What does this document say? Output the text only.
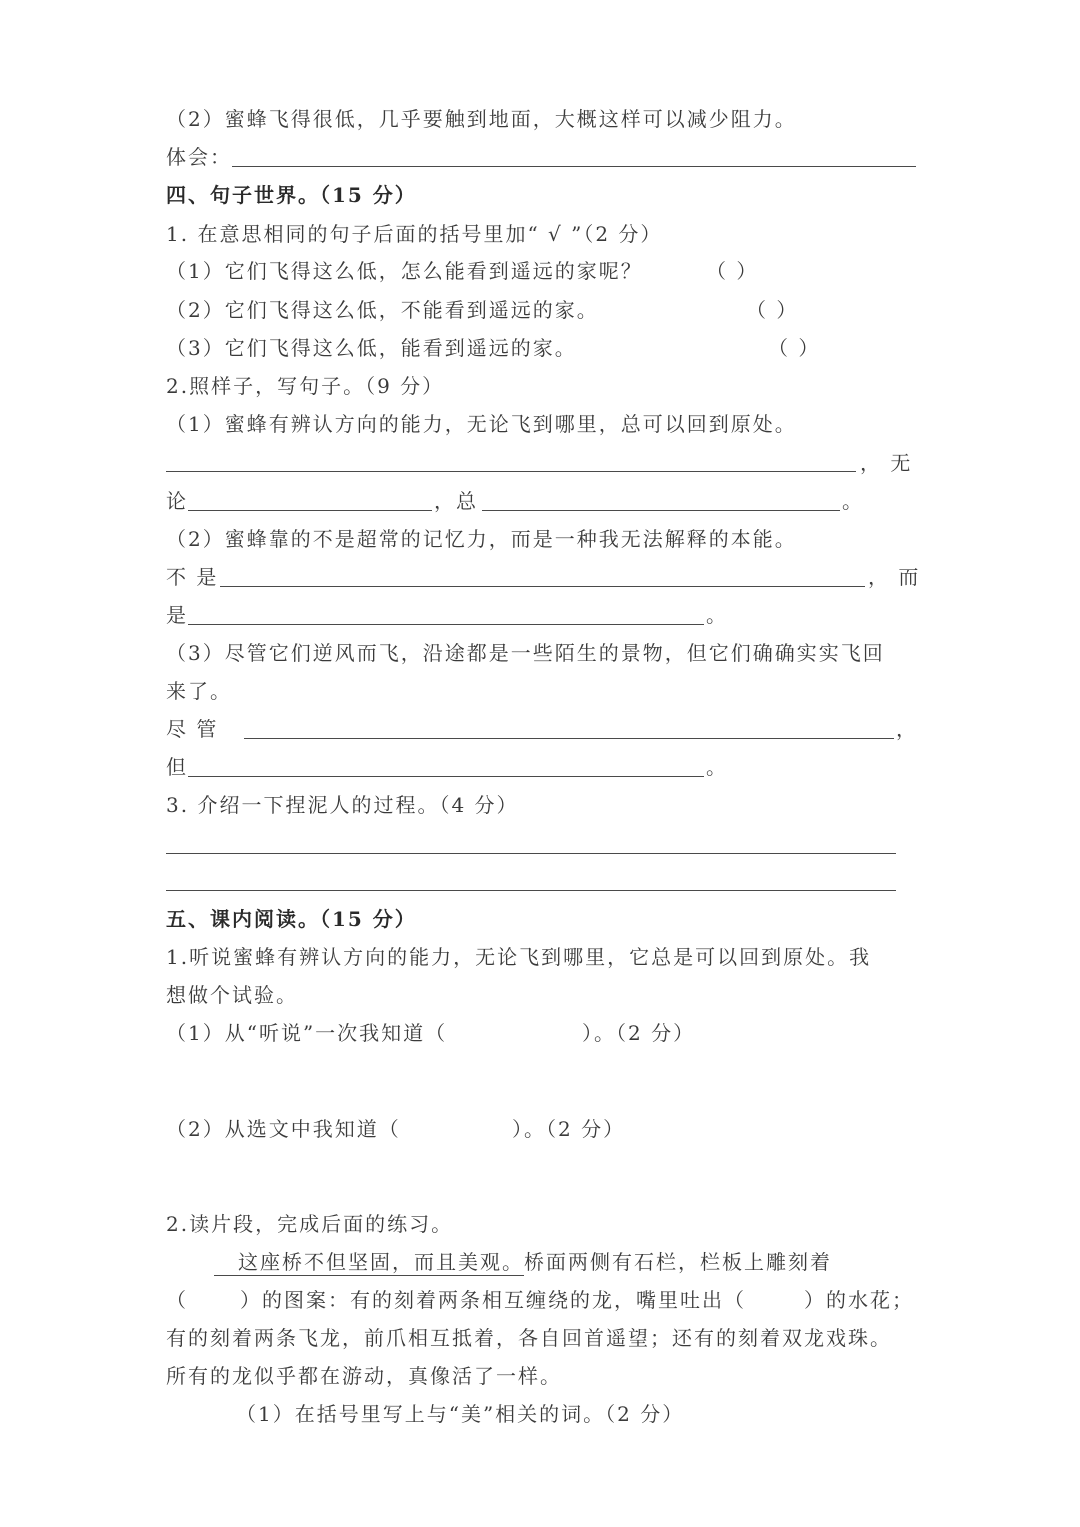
（2）蜜蜂飞得很低，几乎要触到地面，大概这样可以减少阻力。
体会：
四、句子世界。（15 分）
1. 在意思相同的句子后面的括号里加“ √ ”（2 分）
（1）它们飞得这么低，怎么能看到遥远的家呢？	（ ）
（2）它们飞得这么低，不能看到遥远的家。	（ ）
（3）它们飞得这么低，能看到遥远的家。	（ ）
2.照样子，写句子。（9 分）
（1）蜜蜂有辨认方向的能力，无论飞到哪里，总可以回到原处。
， 无
论	，总	。
（2）蜜蜂靠的不是超常的记忆力，而是一种我无法解释的本能。
不 是	， 而
是	。
（3）尽管它们逆风而飞，沿途都是一些陌生的景物，但它们确确实实飞回
来了。
尽 管	，
但	。
3. 介绍一下捏泥人的过程。（4 分）
五、课内阅读。（15 分）
1.听说蜜蜂有辨认方向的能力，无论飞到哪里，它总是可以回到原处。我
想做个试验。
（1）从“听说”一次我知道（	）。（2 分）
（2）从选文中我知道（	）。（2 分）
2.读片段，完成后面的练习。
这座桥不但坚固，而且美观。桥面两侧有石栏，栏板上雕刻着
（	）的图案：有的刻着两条相互缠绕的龙，嘴里吐出（	）的水花；
有的刻着两条飞龙，前爪相互抵着，各自回首遥望；还有的刻着双龙戏珠。
所有的龙似乎都在游动，真像活了一样。
（1）在括号里写上与“美”相关的词。（2 分）
